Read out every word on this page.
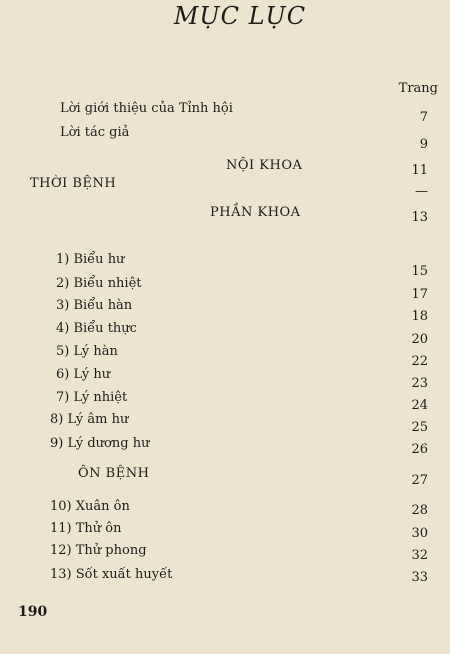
MỤC LỤC
Trang
Lời giới thiệu của Tỉnh hội
Lời tác giả
NỘI KHOA
THỜI BỆNH
PHẦN KHOA
1) Biểu hư
2) Biểu nhiệt
3) Biểu hàn
4) Biểu thực
5) Lý hàn
6) Lý hư
7) Lý nhiệt
8) Lý âm hư
9) Lý dương hư
ÔN BỆNH
10) Xuân ôn
11) Thử ôn
12) Thử phong
13) Sốt xuất huyết
7
9
11
—
13
15
17
18
20
22
23
24
25
26
27
28
30
32
33
190
